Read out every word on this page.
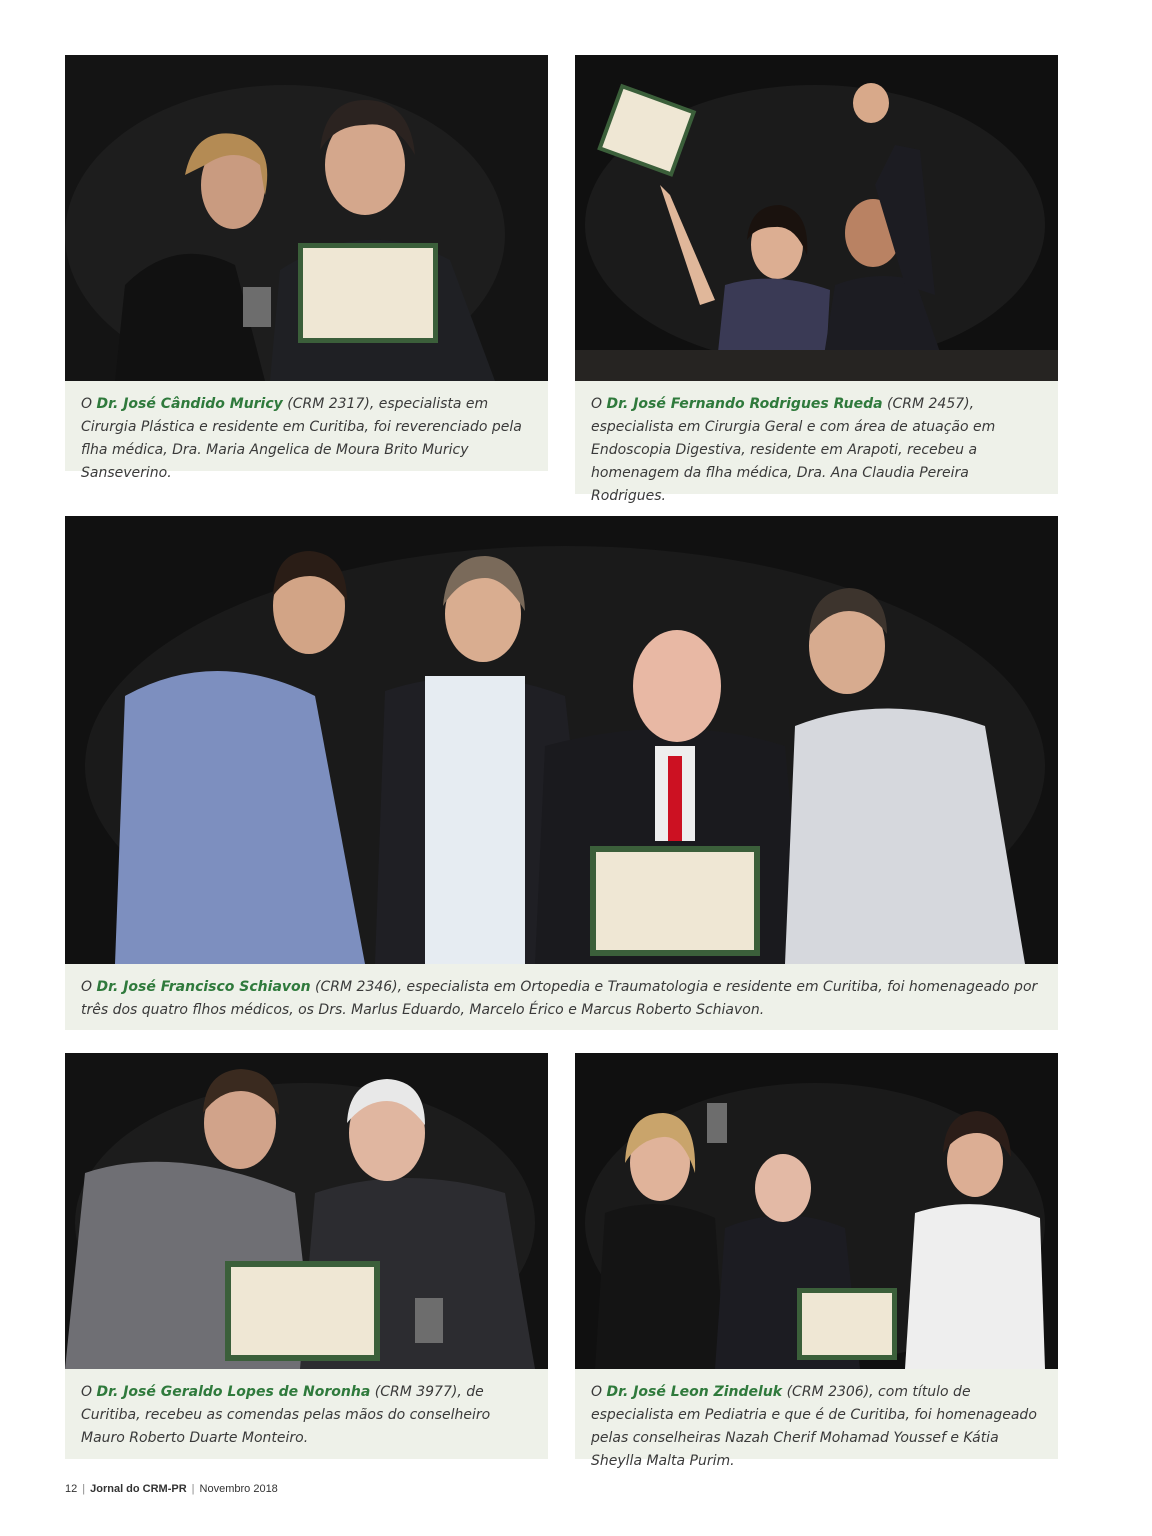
O Dr. José Cândido Muricy (CRM 2317), especialista em Cirurgia Plástica e residente em Curitiba, foi reverenciado pela flha médica, Dra. Maria Angelica de Moura Brito Muricy Sanseverino.
O Dr. José Fernando Rodrigues Rueda (CRM 2457), especialista em Cirurgia Geral e com área de atuação em Endoscopia Digestiva, residente em Arapoti, recebeu a homenagem da flha médica, Dra. Ana Claudia Pereira Rodrigues.
O Dr. José Francisco Schiavon (CRM 2346), especialista em Ortopedia e Traumatologia e residente em Curitiba, foi homenageado por três dos quatro flhos médicos, os Drs. Marlus Eduardo, Marcelo Érico e Marcus Roberto Schiavon.
O Dr. José Geraldo Lopes de Noronha (CRM 3977), de Curitiba, recebeu as comendas pelas mãos do conselheiro Mauro Roberto Duarte Monteiro.
O Dr. José Leon Zindeluk (CRM 2306), com título de especialista em Pediatria e que é de Curitiba, foi homenageado pelas conselheiras Nazah Cherif Mohamad Youssef e Kátia Sheylla Malta Purim.
12 | Jornal do CRM-PR | Novembro 2018
